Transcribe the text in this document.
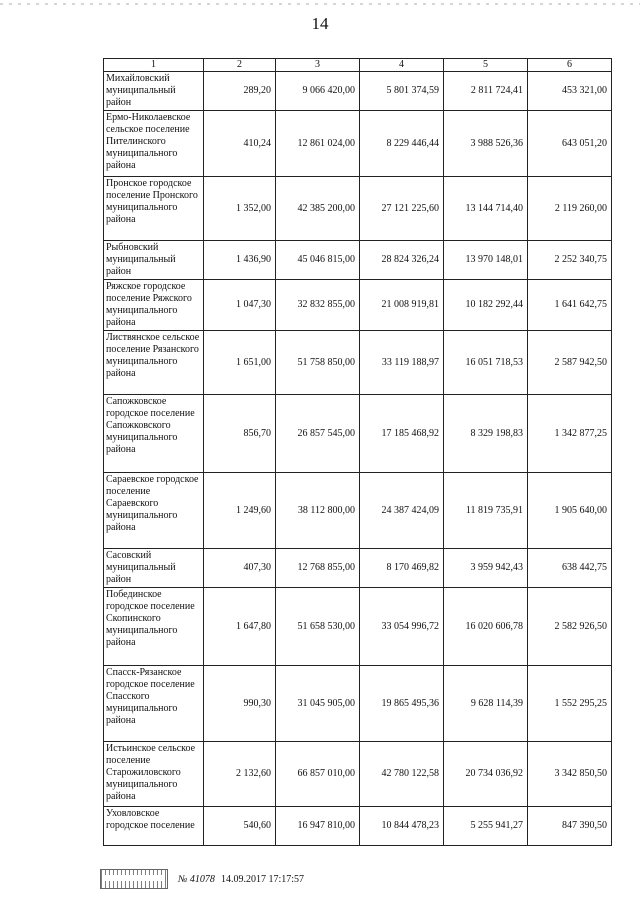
14
1	2	3	4	5	6
Михайловский муниципальный район	289,20	9 066 420,00	5 801 374,59	2 811 724,41	453 321,00
Ермо-Николаевское сельское поселение Пителинского муниципального района	410,24	12 861 024,00	8 229 446,44	3 988 526,36	643 051,20
Пронское городское поселение Пронского муниципального района	1 352,00	42 385 200,00	27 121 225,60	13 144 714,40	2 119 260,00
Рыбновский муниципальный район	1 436,90	45 046 815,00	28 824 326,24	13 970 148,01	2 252 340,75
Ряжское городское поселение Ряжского муниципального района	1 047,30	32 832 855,00	21 008 919,81	10 182 292,44	1 641 642,75
Листвянское сельское поселение Рязанского муниципального района	1 651,00	51 758 850,00	33 119 188,97	16 051 718,53	2 587 942,50
Сапожковское городское поселение Сапожковского муниципального района	856,70	26 857 545,00	17 185 468,92	8 329 198,83	1 342 877,25
Сараевское городское поселение Сараевского муниципального района	1 249,60	38 112 800,00	24 387 424,09	11 819 735,91	1 905 640,00
Сасовский муниципальный район	407,30	12 768 855,00	8 170 469,82	3 959 942,43	638 442,75
Побединское городское поселение Скопинского муниципального района	1 647,80	51 658 530,00	33 054 996,72	16 020 606,78	2 582 926,50
Спасск-Рязанское городское поселение Спасского муниципального района	990,30	31 045 905,00	19 865 495,36	9 628 114,39	1 552 295,25
Истьинское сельское поселение Старожиловского муниципального района	2 132,60	66 857 010,00	42 780 122,58	20 734 036,92	3 342 850,50
Уховловское городское поселение	540,60	16 947 810,00	10 844 478,23	5 255 941,27	847 390,50
№ 41078 14.09.2017 17:17:57
